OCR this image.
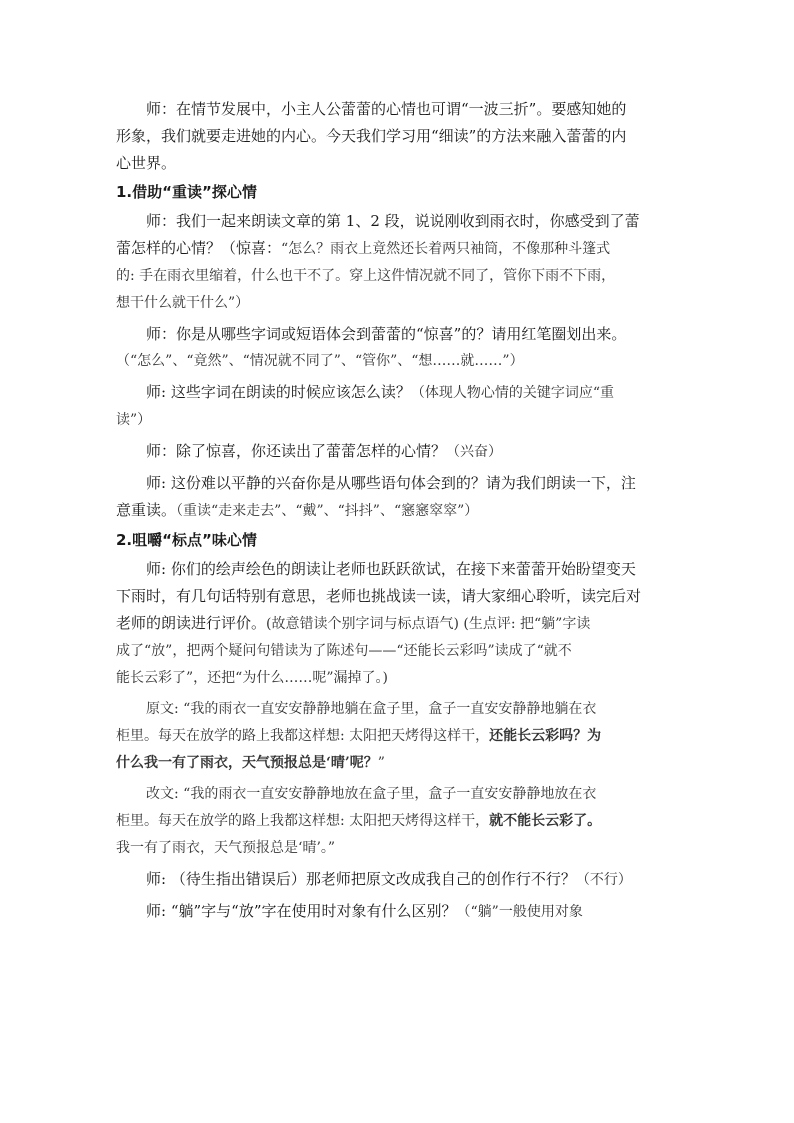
师：在情节发展中，小主人公蕾蕾的心情也可谓“一波三折”。要感知她的
形象，我们就要走进她的内心。今天我们学习用“细读”的方法来融入蕾蕾的内
心世界。
1.借助“重读”探心情
师：我们一起来朗读文章的第 1、2 段，说说刚收到雨衣时，你感受到了蕾
蕾怎样的心情？（惊喜：“怎么？雨衣上竟然还长着两只袖筒，不像那种斗篷式
的: 手在雨衣里缩着，什么也干不了。穿上这件情况就不同了，管你下雨不下雨，
想干什么就干什么”）
师：你是从哪些字词或短语体会到蕾蕾的“惊喜”的？请用红笔圈划出来。
（“怎么”、“竟然”、“情况就不同了”、“管你”、“想……就……”）
师: 这些字词在朗读的时候应该怎么读？（体现人物心情的关键字词应“重
读”）
师：除了惊喜，你还读出了蕾蕾怎样的心情？（兴奋）
师: 这份难以平静的兴奋你是从哪些语句体会到的？请为我们朗读一下，注
意重读。（重读“走来走去”、“戴”、“抖抖”、“窸窸窣窣”）
2.咀嚼“标点”味心情
师: 你们的绘声绘色的朗读让老师也跃跃欲试，在接下来蕾蕾开始盼望变天
下雨时，有几句话特别有意思，老师也挑战读一读，请大家细心聆听，读完后对
老师的朗读进行评价。(故意错读个别字词与标点语气) (生点评: 把“躺”字读
成了“放”，把两个疑问句错读为了陈述句——“还能长云彩吗”读成了“就不
能长云彩了”，还把“为什么……呢”漏掉了。)
原文: “我的雨衣一直安安静静地躺在盒子里，盒子一直安安静静地躺在衣
柜里。每天在放学的路上我都这样想: 太阳把天烤得这样干，还能长云彩吗？为
什么我一有了雨衣，天气预报总是‘晴’呢？”
改文: “我的雨衣一直安安静静地放在盒子里，盒子一直安安静静地放在衣
柜里。每天在放学的路上我都这样想: 太阳把天烤得这样干，就不能长云彩了。
我一有了雨衣，天气预报总是‘晴’。”
师: （待生指出错误后）那老师把原文改成我自己的创作行不行？（不行）
师: “躺”字与“放”字在使用时对象有什么区别？（“躺”一般使用对象
